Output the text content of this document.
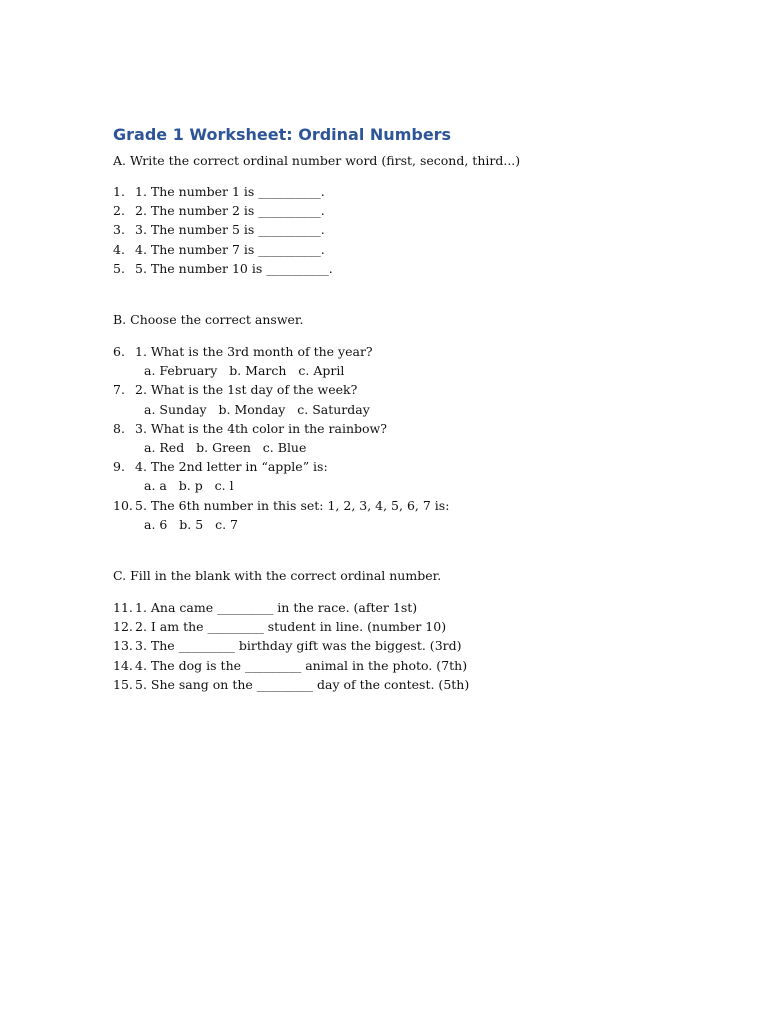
Grade 1 Worksheet: Ordinal Numbers

A. Write the correct ordinal number word (first, second, third...)

1. 1. The number 1 is __________.
2. 2. The number 2 is __________.
3. 3. The number 5 is __________.
4. 4. The number 7 is __________.
5. 5. The number 10 is __________.

B. Choose the correct answer.

6. 1. What is the 3rd month of the year?
a. February   b. March   c. April
7. 2. What is the 1st day of the week?
a. Sunday   b. Monday   c. Saturday
8. 3. What is the 4th color in the rainbow?
a. Red   b. Green   c. Blue
9. 4. The 2nd letter in “apple” is:
a. a   b. p   c. l
10. 5. The 6th number in this set: 1, 2, 3, 4, 5, 6, 7 is:
a. 6   b. 5   c. 7

C. Fill in the blank with the correct ordinal number.

11. 1. Ana came _________ in the race. (after 1st)
12. 2. I am the _________ student in line. (number 10)
13. 3. The _________ birthday gift was the biggest. (3rd)
14. 4. The dog is the _________ animal in the photo. (7th)
15. 5. She sang on the _________ day of the contest. (5th)
